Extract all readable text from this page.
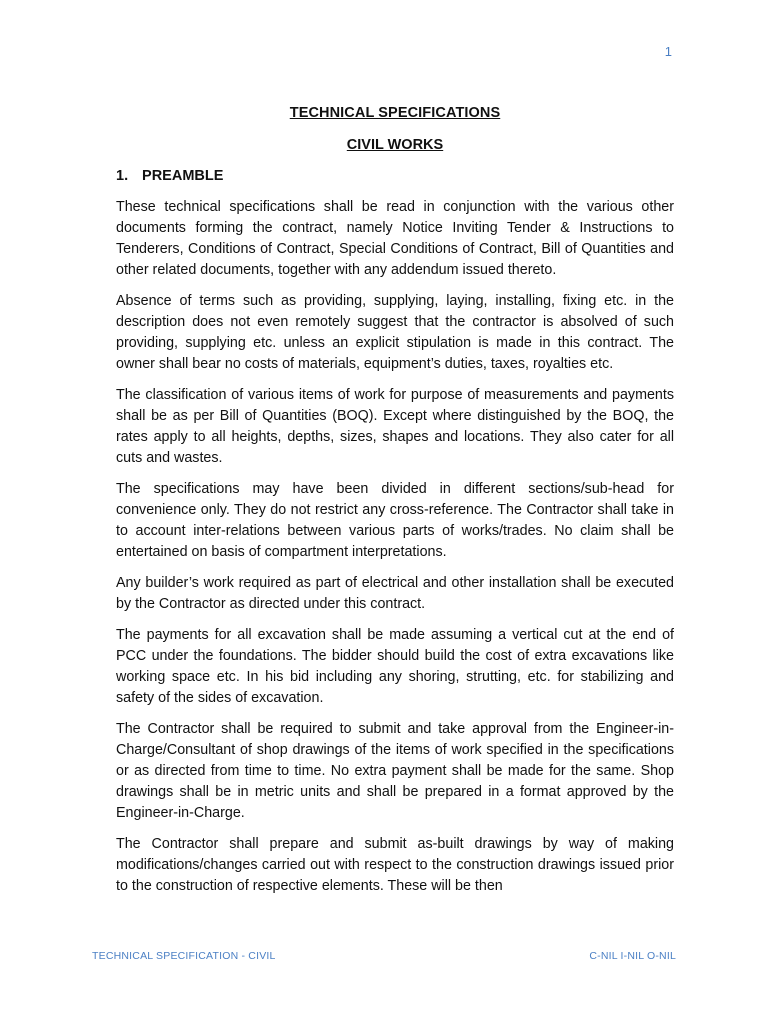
1
TECHNICAL SPECIFICATIONS
CIVIL WORKS
1. PREAMBLE

These technical specifications shall be read in conjunction with the various other documents forming the contract, namely Notice Inviting Tender & Instructions to Tenderers, Conditions of Contract, Special Conditions of Contract, Bill of Quantities and other related documents, together with any addendum issued thereto.

Absence of terms such as providing, supplying, laying, installing, fixing etc. in the description does not even remotely suggest that the contractor is absolved of such providing, supplying etc. unless an explicit stipulation is made in this contract. The owner shall bear no costs of materials, equipment’s duties, taxes, royalties etc.

The classification of various items of work for purpose of measurements and payments shall be as per Bill of Quantities (BOQ). Except where distinguished by the BOQ, the rates apply to all heights, depths, sizes, shapes and locations. They also cater for all cuts and wastes.

The specifications may have been divided in different sections/sub-head for convenience only. They do not restrict any cross-reference. The Contractor shall take in to account inter-relations between various parts of works/trades. No claim shall be entertained on basis of compartment interpretations.

Any builder’s work required as part of electrical and other installation shall be executed by the Contractor as directed under this contract.

The payments for all excavation shall be made assuming a vertical cut at the end of PCC under the foundations. The bidder should build the cost of extra excavations like working space etc. In his bid including any shoring, strutting, etc. for stabilizing and safety of the sides of excavation.

The Contractor shall be required to submit and take approval from the Engineer-in-Charge/Consultant of shop drawings of the items of work specified in the specifications or as directed from time to time. No extra payment shall be made for the same. Shop drawings shall be in metric units and shall be prepared in a format approved by the Engineer-in-Charge.

The Contractor shall prepare and submit as-built drawings by way of making modifications/changes carried out with respect to the construction drawings issued prior to the construction of respective elements. These will be then

TECHNICAL SPECIFICATION - CIVIL	C-NIL I-NIL O-NIL
